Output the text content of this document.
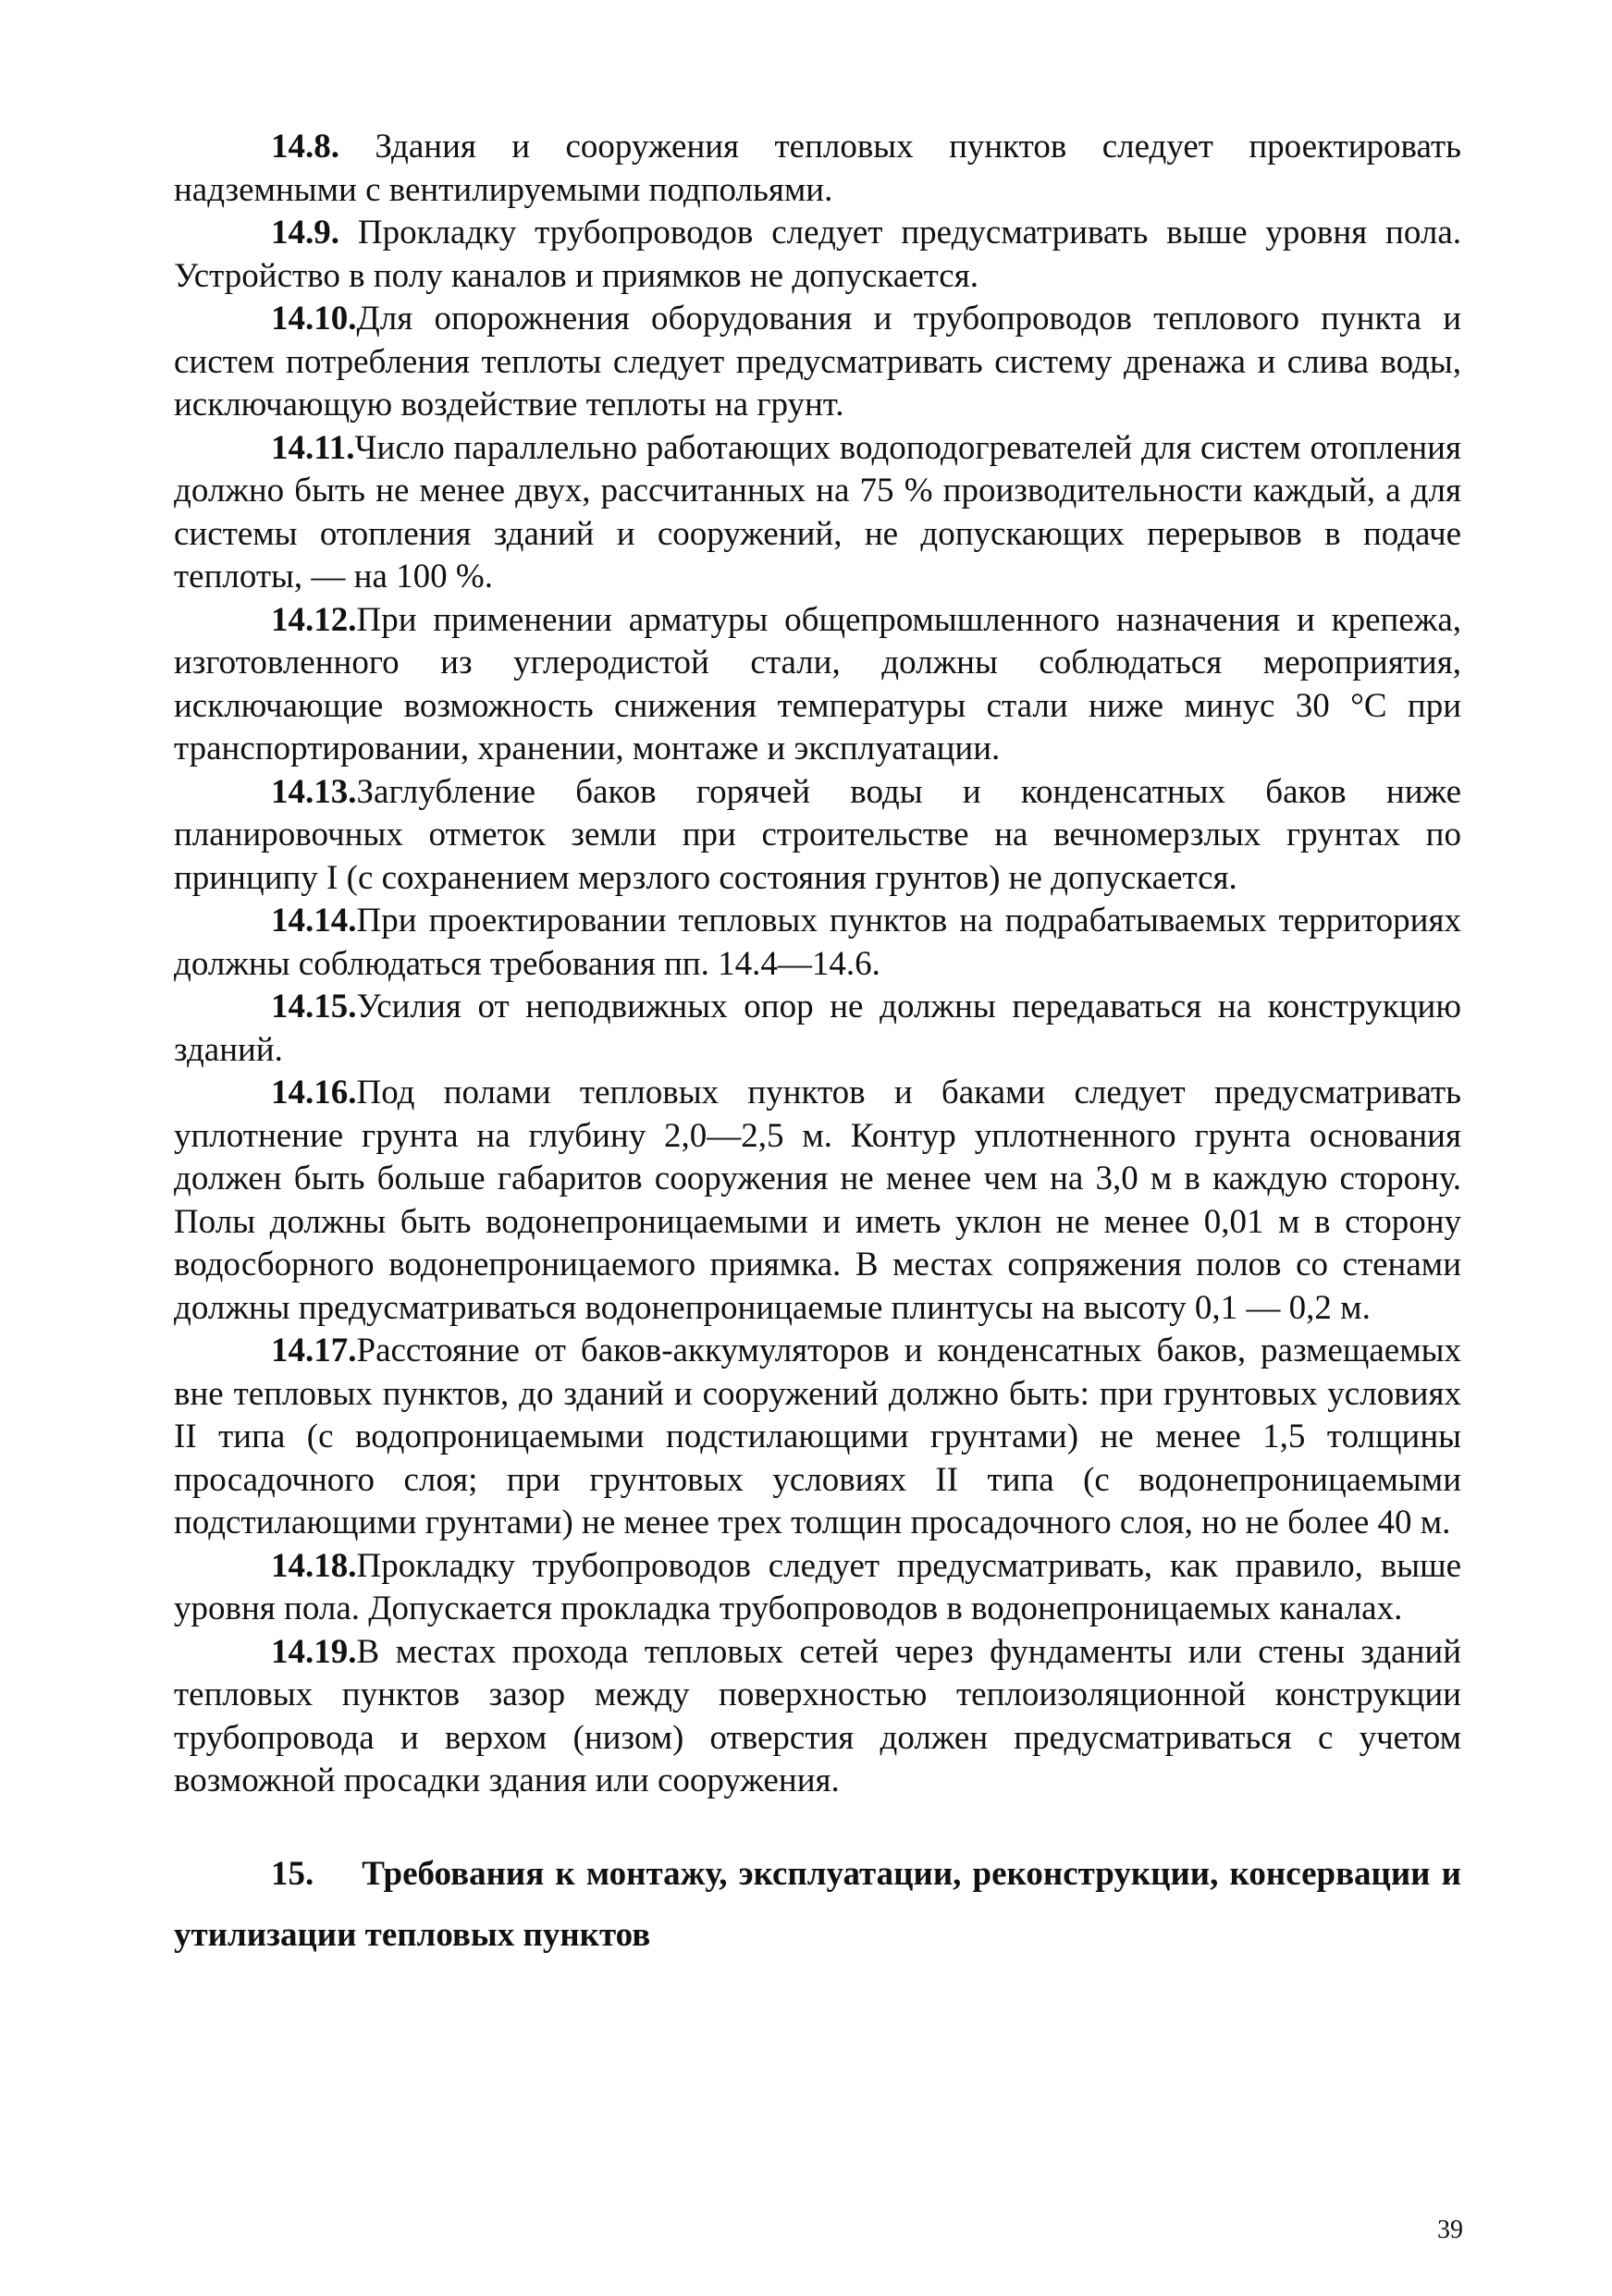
14.8. Здания и сооружения тепловых пунктов следует проектировать надземными с вентилируемыми подпольями.

14.9. Прокладку трубопроводов следует предусматривать выше уровня пола. Устройство в полу каналов и приямков не допускается.

14.10.Для опорожнения оборудования и трубопроводов теплового пункта и систем потребления теплоты следует предусматривать систему дренажа и слива воды, исключающую воздействие теплоты на грунт.

14.11.Число параллельно работающих водоподогревателей для систем отопления должно быть не менее двух, рассчитанных на 75 % производительности каждый, а для системы отопления зданий и сооружений, не допускающих перерывов в подаче теплоты, — на 100 %.

14.12.При применении арматуры общепромышленного назначения и крепежа, изготовленного из углеродистой стали, должны соблюдаться мероприятия, исключающие возможность снижения температуры стали ниже минус 30 °С при транспортировании, хранении, монтаже и эксплуатации.

14.13.Заглубление баков горячей воды и конденсатных баков ниже планировочных отметок земли при строительстве на вечномерзлых грунтах по принципу I (с сохранением мерзлого состояния грунтов) не допускается.

14.14.При проектировании тепловых пунктов на подрабатываемых территориях должны соблюдаться требования пп. 14.4—14.6.

14.15.Усилия от неподвижных опор не должны передаваться на конструкцию зданий.

14.16.Под полами тепловых пунктов и баками следует предусматривать уплотнение грунта на глубину 2,0—2,5 м. Контур уплотненного грунта основания должен быть больше габаритов сооружения не менее чем на 3,0 м в каждую сторону. Полы должны быть водонепроницаемыми и иметь уклон не менее 0,01 м в сторону водосборного водонепроницаемого приямка. В местах сопряжения полов со стенами должны предусматриваться водонепроницаемые плинтусы на высоту 0,1 — 0,2 м.

14.17.Расстояние от баков-аккумуляторов и конденсатных баков, размещаемых вне тепловых пунктов, до зданий и сооружений должно быть: при грунтовых условиях II типа (с водопроницаемыми подстилающими грунтами) не менее 1,5 толщины просадочного слоя; при грунтовых условиях II типа (с водонепроницаемыми подстилающими грунтами) не менее трех толщин просадочного слоя, но не более 40 м.

14.18.Прокладку трубопроводов следует предусматривать, как правило, выше уровня пола. Допускается прокладка трубопроводов в водонепроницаемых каналах.

14.19.В местах прохода тепловых сетей через фундаменты или стены зданий тепловых пунктов зазор между поверхностью теплоизоляционной конструкции трубопровода и верхом (низом) отверстия должен предусматриваться с учетом возможной просадки здания или сооружения.

15. Требования к монтажу, эксплуатации, реконструкции, консервации и утилизации тепловых пунктов

39
